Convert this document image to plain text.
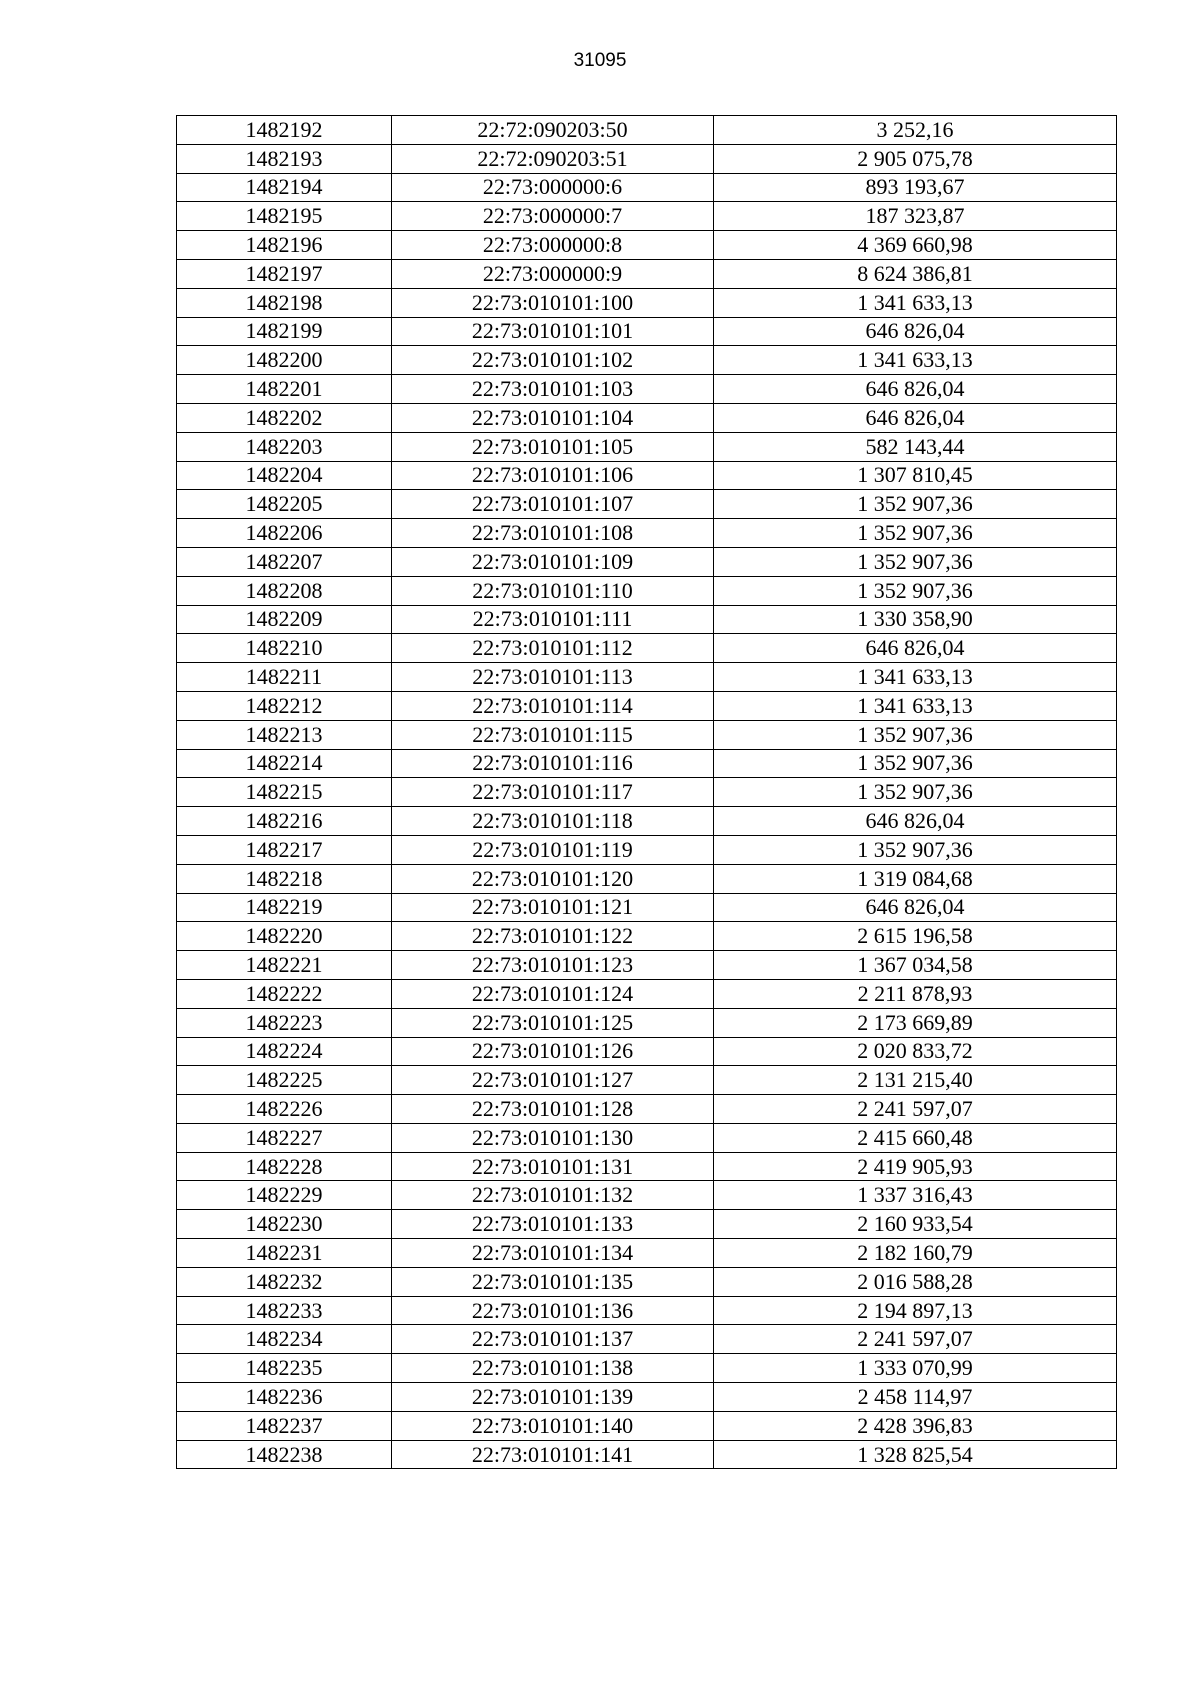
31095
1482192	22:72:090203:50	3 252,16
1482193	22:72:090203:51	2 905 075,78
1482194	22:73:000000:6	893 193,67
1482195	22:73:000000:7	187 323,87
1482196	22:73:000000:8	4 369 660,98
1482197	22:73:000000:9	8 624 386,81
1482198	22:73:010101:100	1 341 633,13
1482199	22:73:010101:101	646 826,04
1482200	22:73:010101:102	1 341 633,13
1482201	22:73:010101:103	646 826,04
1482202	22:73:010101:104	646 826,04
1482203	22:73:010101:105	582 143,44
1482204	22:73:010101:106	1 307 810,45
1482205	22:73:010101:107	1 352 907,36
1482206	22:73:010101:108	1 352 907,36
1482207	22:73:010101:109	1 352 907,36
1482208	22:73:010101:110	1 352 907,36
1482209	22:73:010101:111	1 330 358,90
1482210	22:73:010101:112	646 826,04
1482211	22:73:010101:113	1 341 633,13
1482212	22:73:010101:114	1 341 633,13
1482213	22:73:010101:115	1 352 907,36
1482214	22:73:010101:116	1 352 907,36
1482215	22:73:010101:117	1 352 907,36
1482216	22:73:010101:118	646 826,04
1482217	22:73:010101:119	1 352 907,36
1482218	22:73:010101:120	1 319 084,68
1482219	22:73:010101:121	646 826,04
1482220	22:73:010101:122	2 615 196,58
1482221	22:73:010101:123	1 367 034,58
1482222	22:73:010101:124	2 211 878,93
1482223	22:73:010101:125	2 173 669,89
1482224	22:73:010101:126	2 020 833,72
1482225	22:73:010101:127	2 131 215,40
1482226	22:73:010101:128	2 241 597,07
1482227	22:73:010101:130	2 415 660,48
1482228	22:73:010101:131	2 419 905,93
1482229	22:73:010101:132	1 337 316,43
1482230	22:73:010101:133	2 160 933,54
1482231	22:73:010101:134	2 182 160,79
1482232	22:73:010101:135	2 016 588,28
1482233	22:73:010101:136	2 194 897,13
1482234	22:73:010101:137	2 241 597,07
1482235	22:73:010101:138	1 333 070,99
1482236	22:73:010101:139	2 458 114,97
1482237	22:73:010101:140	2 428 396,83
1482238	22:73:010101:141	1 328 825,54
